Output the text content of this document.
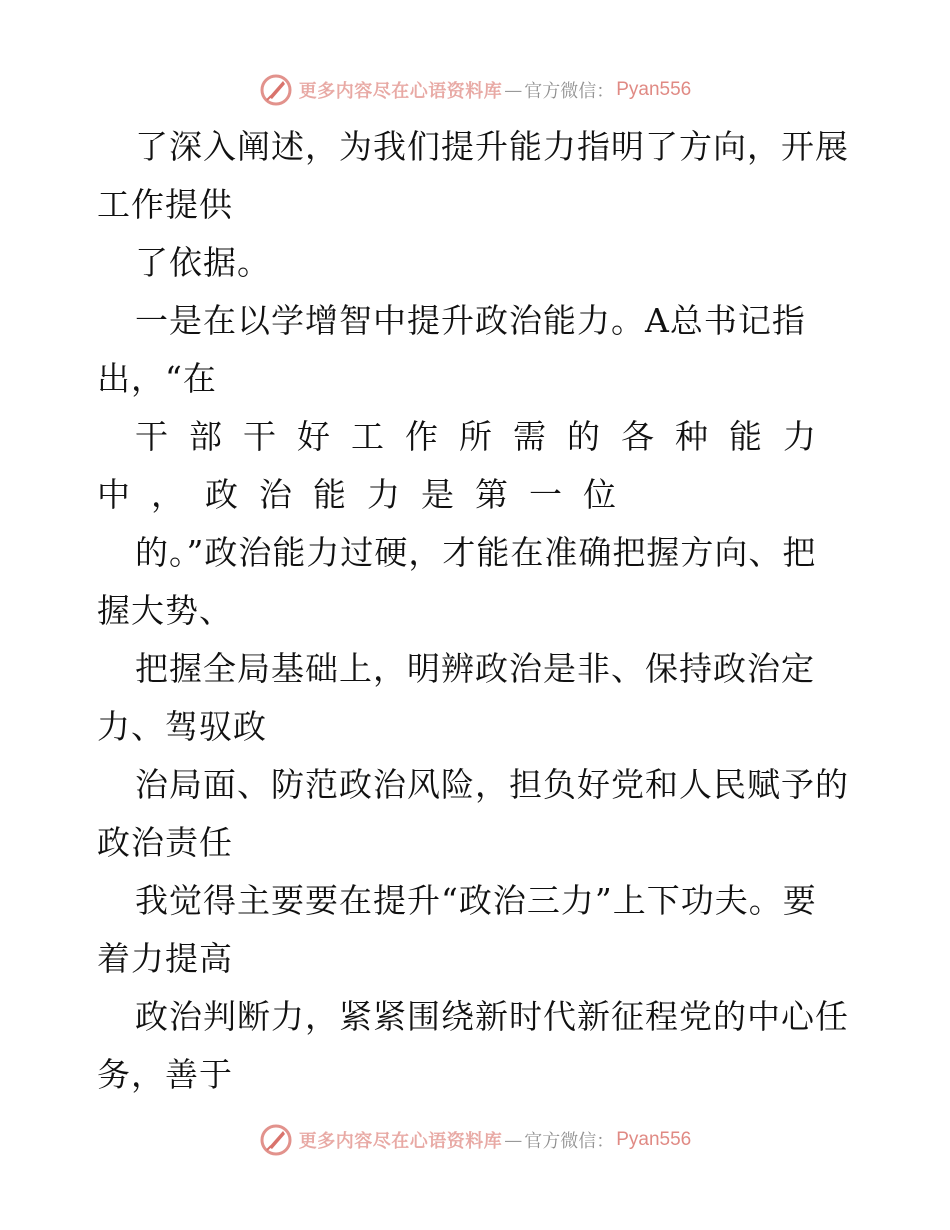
更多内容尽在心语资料库 — 官方微信： Pyan556
了深入阐述，为我们提升能力指明了方向，开展
工作提供
了依据。
一是在以学增智中提升政治能力。A总书记指
出，“在
干部干好工作所需的各种能力
中，政治能力是第一位
的。”政治能力过硬，才能在准确把握方向、把
握大势、
把握全局基础上，明辨政治是非、保持政治定
力、驾驭政
治局面、防范政治风险，担负好党和人民赋予的
政治责任
我觉得主要要在提升“政治三力”上下功夫。要
着力提高
政治判断力，紧紧围绕新时代新征程党的中心任
务，善于
更多内容尽在心语资料库 — 官方微信： Pyan556
